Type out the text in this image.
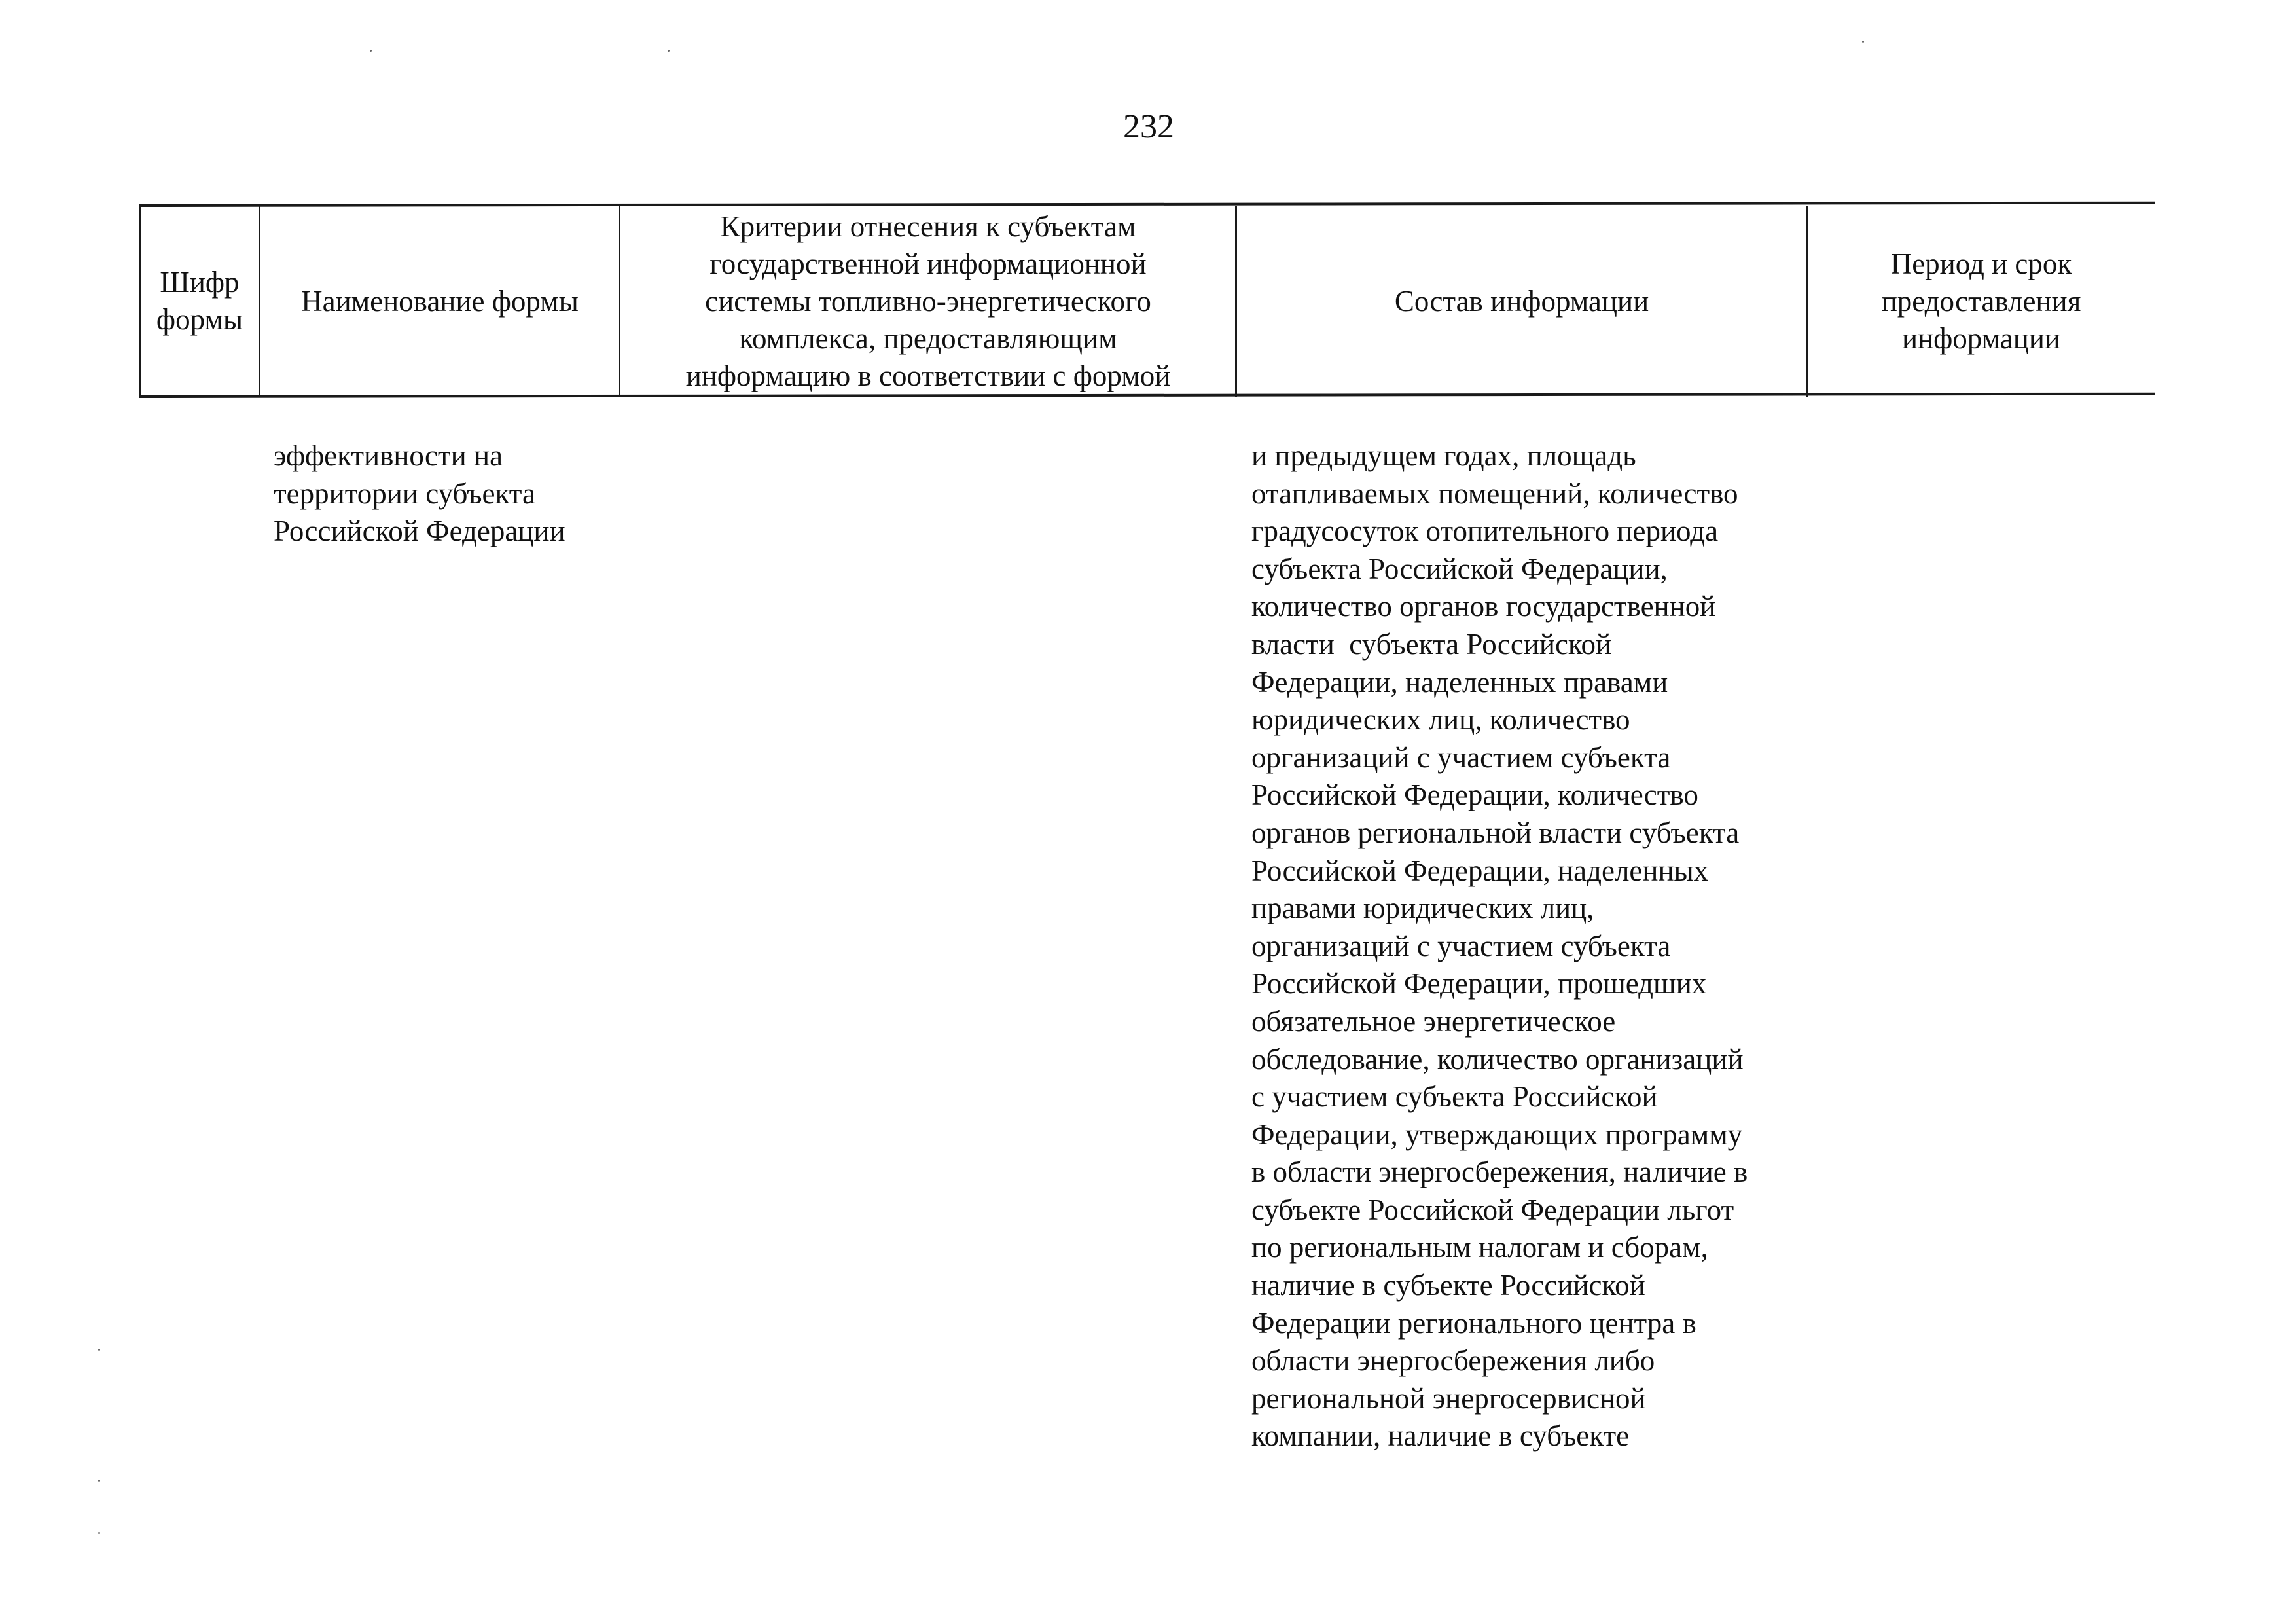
232
Шифр
формы
Наименование формы
Критерии отнесения к субъектам
государственной информационной
системы топливно-энергетического
комплекса, предоставляющим
информацию в соответствии с формой
Состав информации
Период и срок
предоставления
информации
эффективности на
территории субъекта
Российской Федерации
и предыдущем годах, площадь
отапливаемых помещений, количество
градусосуток отопительного периода
субъекта Российской Федерации,
количество органов государственной
власти  субъекта Российской
Федерации, наделенных правами
юридических лиц, количество
организаций с участием субъекта
Российской Федерации, количество
органов региональной власти субъекта
Российской Федерации, наделенных
правами юридических лиц,
организаций с участием субъекта
Российской Федерации, прошедших
обязательное энергетическое
обследование, количество организаций
с участием субъекта Российской
Федерации, утверждающих программу
в области энергосбережения, наличие в
субъекте Российской Федерации льгот
по региональным налогам и сборам,
наличие в субъекте Российской
Федерации регионального центра в
области энергосбережения либо
региональной энергосервисной
компании, наличие в субъекте
